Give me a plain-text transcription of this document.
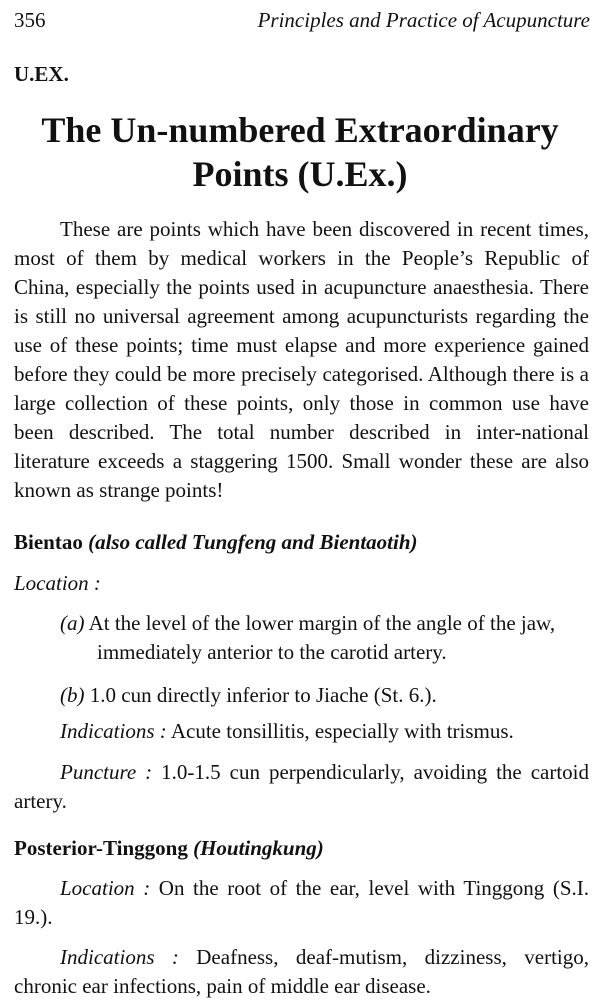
356	Principles and Practice of Acupuncture
U.EX.
The Un-numbered Extraordinary
Points (U.Ex.)

These are points which have been discovered in recent times, most of them by medical workers in the People’s Republic of China, especially the points used in acupuncture anaesthesia. There is still no universal agreement among acupuncturists regarding the use of these points; time must elapse and more experience gained before they could be more precisely categorised. Although there is a large collection of these points, only those in common use have been described. The total number described in inter-national literature exceeds a staggering 1500. Small wonder these are also known as strange points!

Bientao (also called Tungfeng and Bientaotih)
Location :
(a) At the level of the lower margin of the angle of the jaw, immediately anterior to the carotid artery.
(b) 1.0 cun directly inferior to Jiache (St. 6.).

Indications : Acute tonsillitis, especially with trismus.

Puncture : 1.0-1.5 cun perpendicularly, avoiding the cartoid artery.

Posterior-Tinggong (Houtingkung)

Location : On the root of the ear, level with Tinggong (S.I. 19.).

Indications : Deafness, deaf-mutism, dizziness, vertigo, chronic ear infections, pain of middle ear disease.
